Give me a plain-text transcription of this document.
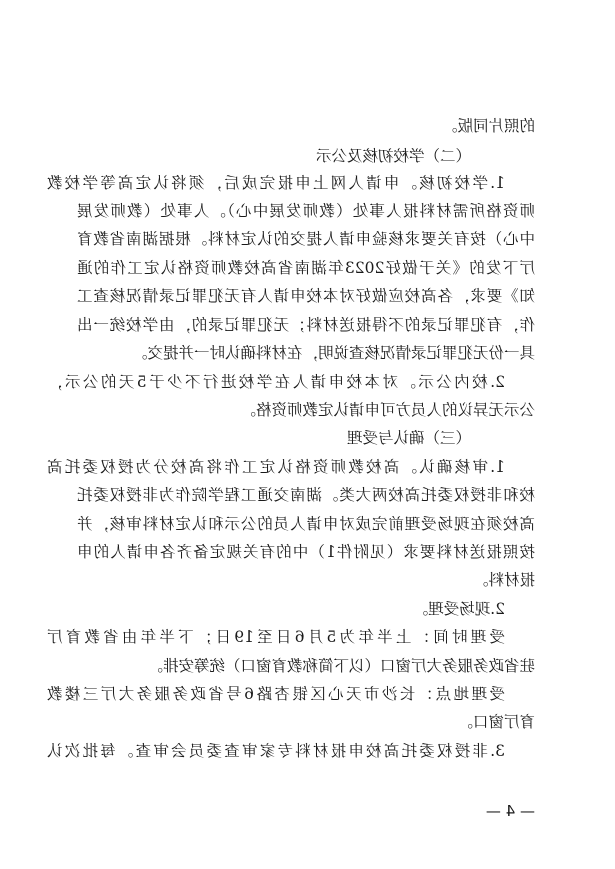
的照片同版。
（二）学校初核及公示
1.学校初核。申请人网上申报完成后，须将认定高等学校教
师资格所需材料报人事处（教师发展中心）。人事处（教师发展
中心）按有关要求核验申请人提交的认定材料。根据湖南省教育
厅下发的《关于做好2023年湖南省高校教师资格认定工作的通
知》要求，各高校应做好对本校申请人有无犯罪记录情况核查工
作，有犯罪记录的不得报送材料；无犯罪记录的，由学校统一出
具一份无犯罪记录情况核查说明，在材料确认时一并提交。
2.校内公示。对本校申请人在学校进行不少于5天的公示，
公示无异议的人员方可申请认定教师资格。
（三）确认与受理
1.审核确认。高校教师资格认定工作将高校分为授权委托高
校和非授权委托高校两大类。湖南交通工程学院作为非授权委托
高校须在现场受理前完成对申请人员的公示和认定材料审核，并
按照报送材料要求（见附件1）中的有关规定备齐各申请人的申
报材料。
2.现场受理。
受理时间：上半年为5月6日至19日；下半年由省教育厅
驻省政务服务大厅窗口（以下简称教育窗口）统筹安排。
受理地点：长沙市天心区银杏路6号省政务服务大厅三楼教
育厅窗口。
3.非授权委托高校申报材料专家审查委员会审查。每批次认
— 4 —
